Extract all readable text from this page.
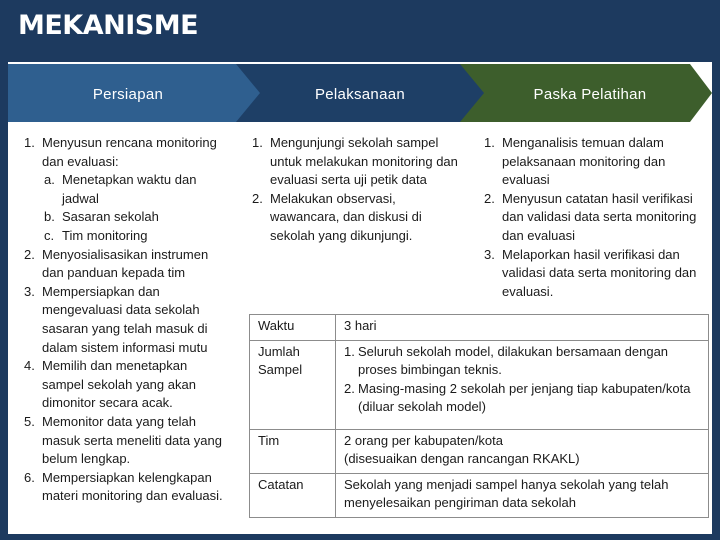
MEKANISME
Persiapan	Pelaksanaan	Paska Pelatihan
1. Menyusun rencana monitoring dan evaluasi:
a. Menetapkan waktu dan jadwal
b. Sasaran sekolah
c. Tim monitoring
2. Menyosialisasikan instrumen dan panduan kepada tim
3. Mempersiapkan dan mengevaluasi data sekolah sasaran yang telah masuk di dalam sistem informasi mutu
4. Memilih dan menetapkan sampel sekolah yang akan dimonitor secara acak.
5. Memonitor data yang telah masuk serta meneliti data yang belum lengkap.
6. Mempersiapkan kelengkapan materi monitoring dan evaluasi.
1. Mengunjungi sekolah sampel untuk melakukan monitoring dan evaluasi serta uji petik data
2. Melakukan observasi, wawancara, dan diskusi di sekolah yang dikunjungi.
1. Menganalisis temuan dalam pelaksanaan monitoring dan evaluasi
2. Menyusun catatan hasil verifikasi dan validasi data serta monitoring dan evaluasi
3. Melaporkan hasil verifikasi dan validasi data serta monitoring dan evaluasi.
Waktu	3 hari
Jumlah Sampel	1. Seluruh sekolah model, dilakukan bersamaan dengan proses bimbingan teknis.
2. Masing-masing 2 sekolah per jenjang tiap kabupaten/kota (diluar sekolah model)

Tim	2 orang per kabupaten/kota
(disesuaikan dengan rancangan RKAKL)

Catatan	Sekolah yang menjadi sampel hanya sekolah yang telah menyelesaikan pengiriman data sekolah
